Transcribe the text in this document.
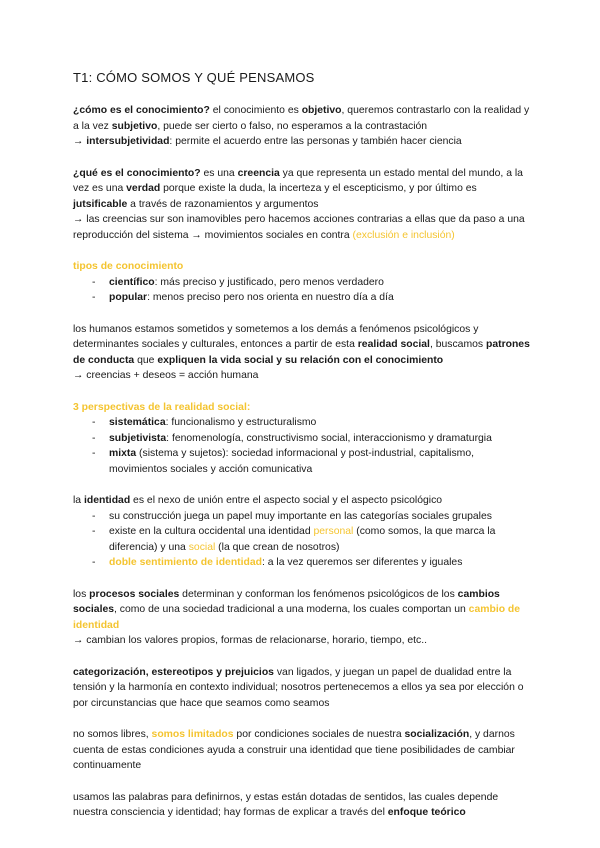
T1: CÓMO SOMOS Y QUÉ PENSAMOS

¿cómo es el conocimiento? el conocimiento es objetivo, queremos contrastarlo con la realidad y a la vez subjetivo, puede ser cierto o falso, no esperamos a la contrastación

→ intersubjetividad: permite el acuerdo entre las personas y también hacer ciencia

¿qué es el conocimiento? es una creencia ya que representa un estado mental del mundo, a la vez es una verdad porque existe la duda, la incerteza y el escepticismo, y por último es jutsificable a través de razonamientos y argumentos

→ las creencias sur son inamovibles pero hacemos acciones contrarias a ellas que da paso a una reproducción del sistema → movimientos sociales en contra (exclusión e inclusión)

tipos de conocimiento

- científico: más preciso y justificado, pero menos verdadero
- popular: menos preciso pero nos orienta en nuestro día a día

los humanos estamos sometidos y sometemos a los demás a fenómenos psicológicos y determinantes sociales y culturales, entonces a partir de esta realidad social, buscamos patrones de conducta que expliquen la vida social y su relación con el conocimiento

→ creencias + deseos = acción humana

3 perspectivas de la realidad social:

- sistemática: funcionalismo y estructuralismo
- subjetivista: fenomenología, constructivismo social, interaccionismo y dramaturgia
- mixta (sistema y sujetos): sociedad informacional y post-industrial, capitalismo, movimientos sociales y acción comunicativa

la identidad es el nexo de unión entre el aspecto social y el aspecto psicológico

- su construcción juega un papel muy importante en las categorías sociales grupales
- existe en la cultura occidental una identidad personal (como somos, la que marca la diferencia) y una social (la que crean de nosotros)
- doble sentimiento de identidad: a la vez queremos ser diferentes y iguales

los procesos sociales determinan y conforman los fenómenos psicológicos de los cambios sociales, como de una sociedad tradicional a una moderna, los cuales comportan un cambio de identidad

→ cambian los valores propios, formas de relacionarse, horario, tiempo, etc..

categorización, estereotipos y prejuicios van ligados, y juegan un papel de dualidad entre la tensión y la harmonía en contexto individual; nosotros pertenecemos a ellos ya sea por elección o por circunstancias que hace que seamos como seamos

no somos libres, somos limitados por condiciones sociales de nuestra socialización, y darnos cuenta de estas condiciones ayuda a construir una identidad que tiene posibilidades de cambiar continuamente

usamos las palabras para definirnos, y estas están dotadas de sentidos, las cuales depende nuestra consciencia y identidad; hay formas de explicar a través del enfoque teórico
